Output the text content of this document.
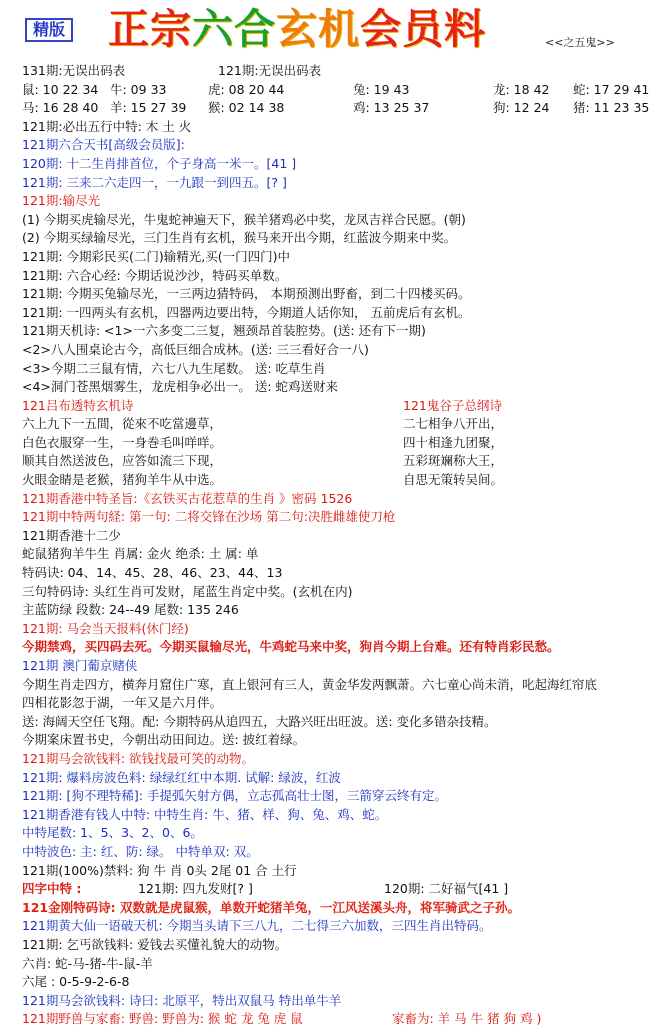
精版 正宗六合玄机会员料	<<之五鬼>>
131期:无误出码表	121期:无误出码表
鼠: 10 22 34 牛: 09 33	虎: 08 20 44	兔: 19 43	龙: 18 42 蛇: 17 29 41
马: 16 28 40 羊: 15 27 39 猴: 02 14 38	鸡: 13 25 37	狗: 12 24 猪: 11 23 35
121期:必出五行中特: 木 土 火
121期六合天书[高级会员版]:
120期: 十二生肖排首位，个子身高一米一。[41 ]
121期: 三来二六走四一，一九跟一到四五。[? ]
121期:输尽光
(1) 今期买虎输尽光，牛鬼蛇神遍天下，猴羊猪鸡必中奖，龙凤吉祥合民愿。(朝)
(2) 今期买绿输尽光，三门生肖有玄机，猴马来开出今期，红蓝波今期来中奖。
121期: 今期彩民买(二门)输精光,买(一门四门)中
121期: 六合心经: 今期话说沙沙，特码买单数。
121期: 今期买兔输尽光，一三两边猜特码， 本期预测出野畜，到二十四楼买码。
121期: 一四两头有玄机，四器两边要出特，今期道人话你知， 五前虎后有玄机。
121期天机诗: <1>一六多变二三复，翘颈昂首装腔势。(送: 还有下一期)
<2>八人围桌论古今，高低巨细合成林。(送: 三三看好合一八)
<3>今期二三鼠有情，六七八九生尾数。 送: 吃草生肖
<4>洞门苍黑烟雾生，龙虎相争必出一。 送: 蛇鸡送财来
121吕布透特玄机诗	121鬼谷子总纲诗
六上九下一五間，從來不吃當邊草，	二七相争八开出，
白色衣服穿一生，一身巻毛叫咩咩。	四十相逢九团聚，
顺其自然送波色，应答如流三下现，	五彩斑斓称大王，
火眼金睛是老猴，猪狗羊牛从中选。	自思无策转吴间。
121期香港中特圣旨:《玄铁买古花惹草的生肖 》密码 1526
121期中特两句経: 第一句: 二将交锋在沙场 第二句:决胜雌雄使刀枪
121期香港十二少
蛇鼠猪狗羊牛生 肖属: 金火 绝杀: 土 属: 单
特码诀: 04、14、45、28、46、23、44、13
三句特码诗: 头红生肖可发财，尾蓝生肖定中奖。(玄机在内)
主蓝防绿 段数: 24--49 尾数: 135 246
121期: 马会当天报料(休门经)
今期禁鸡，买四码去死。今期买鼠输尽光，牛鸡蛇马来中奖，狗肖今期上台难。还有特肖彩民愁。
121期 澳门葡京赌侠
今期生肖走四方，横奔月窟住广寒，直上银河有三人，黄金华发两飘萧。六七童心尚未消，叱起海红帘底
四相花影忽于湖，一年又是六月伴。
送: 海阔天空任飞翔。配: 今期特码从追四五，大路兴旺出旺波。送: 变化多错杂技精。
今期案床置书史，今朝出动田间边。送: 披红着绿。
121期马会欲钱料: 欲钱找最可笑的动物。
121期: 爆料房波色料: 绿绿红红中本期. 试解: 绿波，红波
121期: [狗不理特稀]: 手提弧矢射方偶，立志孤高壮士图，三箭穿云终有定。
121期香港有钱人中特: 中特生肖: 牛、猪、样、狗、兔、鸡、蛇。
中特尾数: 1、5、3、2、0、6。
中特波色: 主: 红、防: 绿。 中特单双: 双。
121期(100%)禁料: 狗 牛 肖 0头 2尾 01 合 土行
四字中特 :	121期: 四九发财[? ]	120期: 二好福气[41 ]
121金刚特码诗: 双数就是虎鼠猴，单数开蛇猪羊兔，一江风送溪头舟，将军骑武之子孙。
121期黄大仙一语破天机: 今期当头请下三八九，二七得三六加数，三四生肖出特码。
121期: 乞丐欲钱料: 爱钱去买懂礼貌大的动物。
六肖: 蛇-马-猪-牛-鼠-羊
六尾 : 0-5-9-2-6-8
121期马会欲钱料: 诗曰: 北原平，特出双鼠马 特出单牛羊
121期野兽与家畜: 野兽: 野兽为: 猴 蛇 龙 兔 虎 鼠	家畜为: 羊 马 牛 猪 狗 鸡 )
